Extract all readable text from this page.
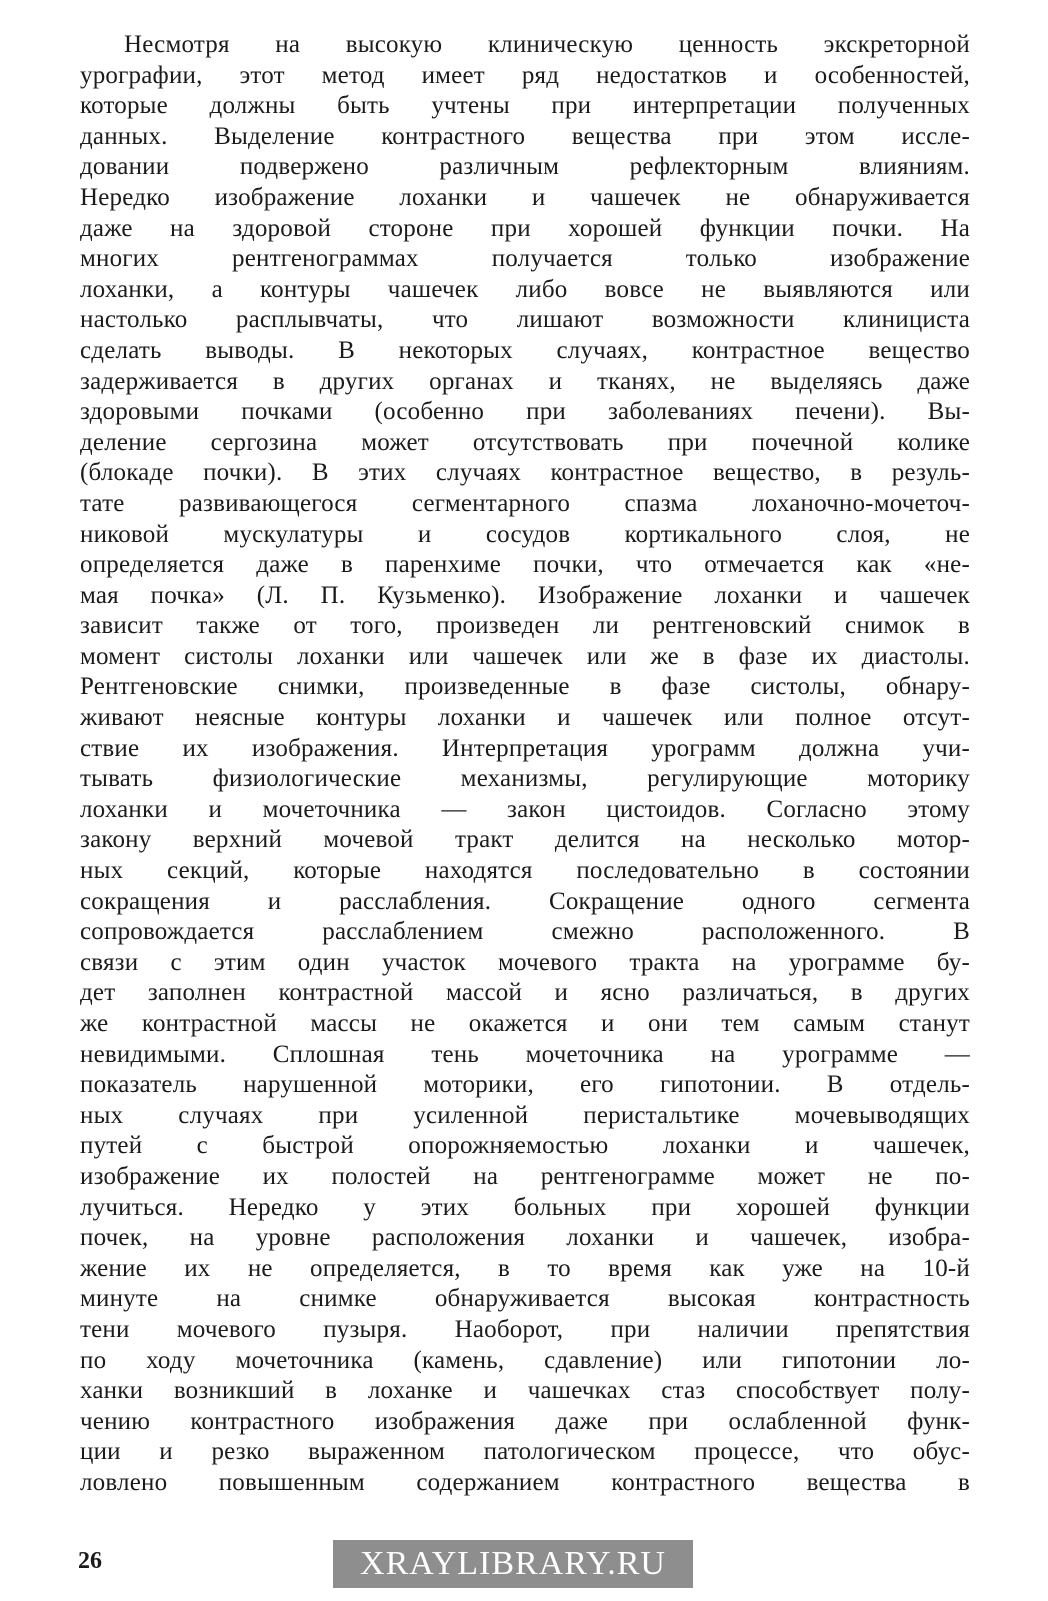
Несмотря на высокую клиническую ценность экскреторной
урографии, этот метод имеет ряд недостатков и особенностей,
которые должны быть учтены при интерпретации полученных
данных. Выделение контрастного вещества при этом иссле-
довании подвержено различным рефлекторным влияниям.
Нередко изображение лоханки и чашечек не обнаруживается
даже на здоровой стороне при хорошей функции почки. На
многих рентгенограммах получается только изображение
лоханки, а контуры чашечек либо вовсе не выявляются или
настолько расплывчаты, что лишают возможности клинициста
сделать выводы. В некоторых случаях, контрастное вещество
задерживается в других органах и тканях, не выделяясь даже
здоровыми почками (особенно при заболеваниях печени). Вы-
деление сергозина может отсутствовать при почечной колике
(блокаде почки). В этих случаях контрастное вещество, в резуль-
тате развивающегося сегментарного спазма лоханочно-мочеточ-
никовой мускулатуры и сосудов кортикального слоя, не
определяется даже в паренхиме почки, что отмечается как «не-
мая почка» (Л. П. Кузьменко). Изображение лоханки и чашечек
зависит также от того, произведен ли рентгеновский снимок в
момент систолы лоханки или чашечек или же в фазе их диастолы.
Рентгеновские снимки, произведенные в фазе систолы, обнару-
живают неясные контуры лоханки и чашечек или полное отсут-
ствие их изображения. Интерпретация урограмм должна учи-
тывать физиологические механизмы, регулирующие моторику
лоханки и мочеточника — закон цистоидов. Согласно этому
закону верхний мочевой тракт делится на несколько мотор-
ных секций, которые находятся последовательно в состоянии
сокращения и расслабления. Сокращение одного сегмента
сопровождается расслаблением смежно расположенного. В
связи с этим один участок мочевого тракта на урограмме бу-
дет заполнен контрастной массой и ясно различаться, в других
же контрастной массы не окажется и они тем самым станут
невидимыми. Сплошная тень мочеточника на урограмме —
показатель нарушенной моторики, его гипотонии. В отдель-
ных случаях при усиленной перистальтике мочевыводящих
путей с быстрой опорожняемостью лоханки и чашечек,
изображение их полостей на рентгенограмме может не по-
лучиться. Нередко у этих больных при хорошей функции
почек, на уровне расположения лоханки и чашечек, изобра-
жение их не определяется, в то время как уже на 10-й
минуте на снимке обнаруживается высокая контрастность
тени мочевого пузыря. Наоборот, при наличии препятствия
по ходу мочеточника (камень, сдавление) или гипотонии ло-
ханки возникший в лоханке и чашечках стаз способствует полу-
чению контрастного изображения даже при ослабленной функ-
ции и резко выраженном патологическом процессе, что обус-
ловлено повышенным содержанием контрастного вещества в
26	XRAYLIBRARY.RU
